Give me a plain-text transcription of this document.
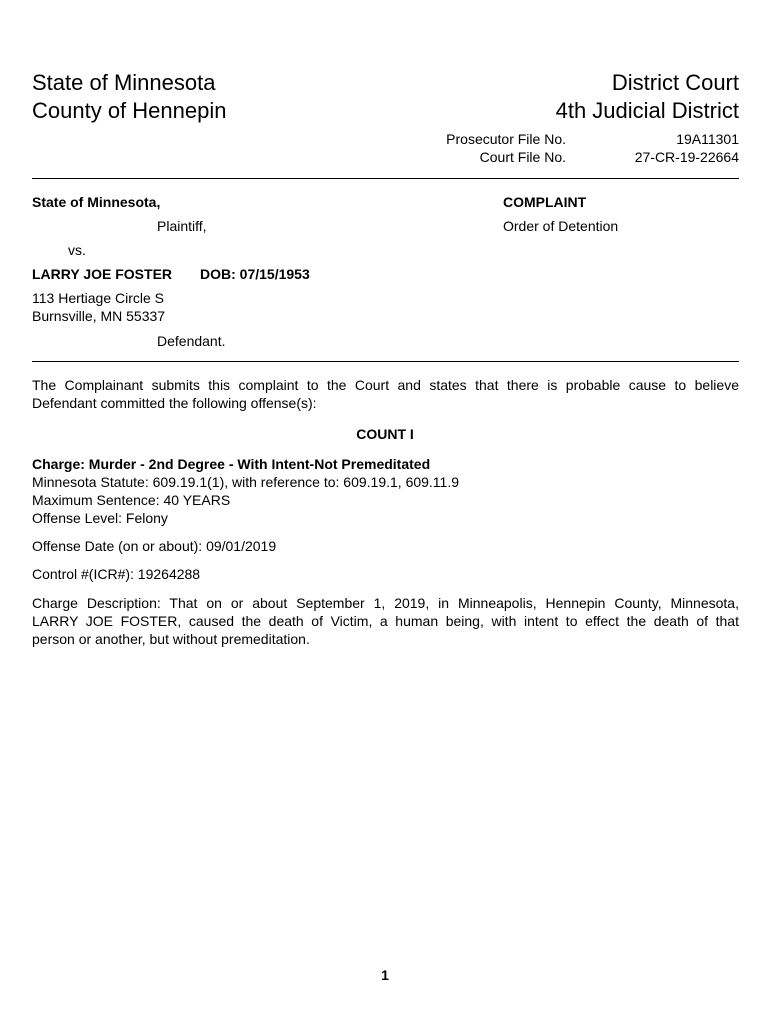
State of Minnesota
County of Hennepin
District Court
4th Judicial District
Prosecutor File No.	19A11301
Court File No.	27-CR-19-22664
State of Minnesota,
Plaintiff,
vs.
LARRY JOE FOSTER DOB: 07/15/1953
113 Hertiage Circle S
Burnsville, MN 55337
Defendant.
COMPLAINT
Order of Detention
The Complainant submits this complaint to the Court and states that there is probable cause to believe
Defendant committed the following offense(s):
COUNT I
Charge: Murder - 2nd Degree - With Intent-Not Premeditated
Minnesota Statute: 609.19.1(1), with reference to: 609.19.1, 609.11.9
Maximum Sentence: 40 YEARS
Offense Level: Felony
Offense Date (on or about): 09/01/2019
Control #(ICR#): 19264288
Charge Description: That on or about September 1, 2019, in Minneapolis, Hennepin County, Minnesota,
LARRY JOE FOSTER, caused the death of Victim, a human being, with intent to effect the death of that
person or another, but without premeditation.
1
